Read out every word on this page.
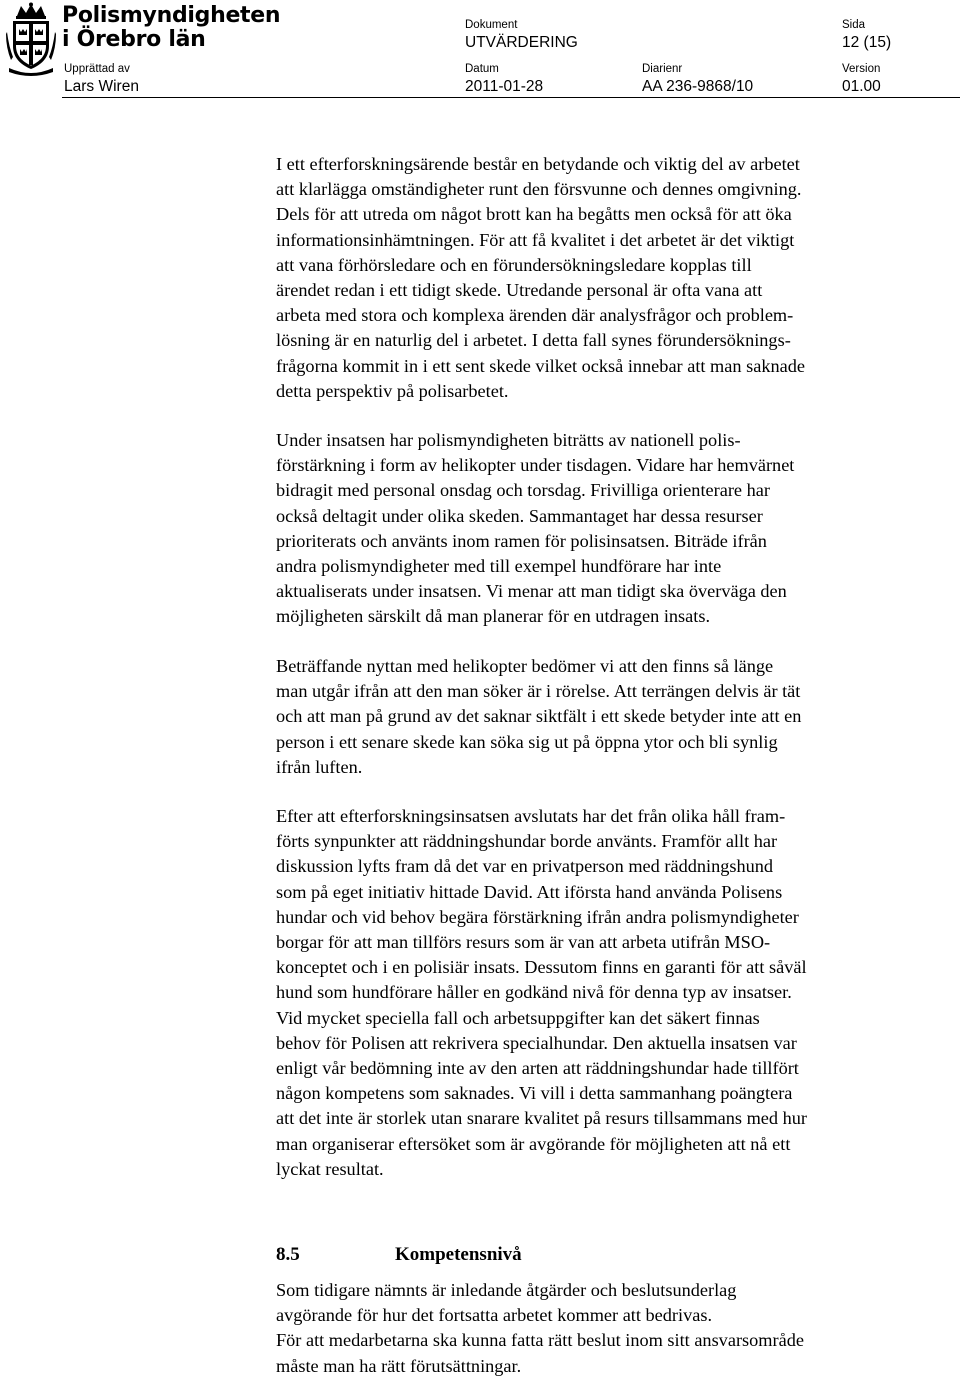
Polismyndigheten
i Örebro län
Dokument
UTVÄRDERING
Sida
12 (15)
Upprättad av
Lars Wiren
Datum
2011-01-28
Diarienr
AA 236-9868/10
Version
01.00

I ett efterforskningsärende består en betydande och viktig del av arbetet

att klarlägga omständigheter runt den försvunne och dennes omgivning.

Dels för att utreda om något brott kan ha begåtts men också för att öka

informationsinhämtningen. För att få kvalitet i det arbetet är det viktigt

att vana förhörsledare och en förundersökningsledare kopplas till

ärendet redan i ett tidigt skede. Utredande personal är ofta vana att

arbeta med stora och komplexa ärenden där analysfrågor och problem-

lösning är en naturlig del i arbetet. I detta fall synes förundersöknings-

frågorna kommit in i ett sent skede vilket också innebar att man saknade

detta perspektiv på polisarbetet.

Under insatsen har polismyndigheten biträtts av nationell polis-

förstärkning i form av helikopter under tisdagen. Vidare har hemvärnet

bidragit med personal onsdag och torsdag. Frivilliga orienterare har

också deltagit under olika skeden. Sammantaget har dessa resurser

prioriterats och använts inom ramen för polisinsatsen. Biträde ifrån

andra polismyndigheter med till exempel hundförare har inte

aktualiserats under insatsen. Vi menar att man tidigt ska överväga den

möjligheten särskilt då man planerar för en utdragen insats.

Beträffande nyttan med helikopter bedömer vi att den finns så länge

man utgår ifrån att den man söker är i rörelse. Att terrängen delvis är tät

och att man på grund av det saknar siktfält i ett skede betyder inte att en

person i ett senare skede kan söka sig ut på öppna ytor och bli synlig

ifrån luften.

Efter att efterforskningsinsatsen avslutats har det från olika håll fram-

förts synpunkter att räddningshundar borde använts. Framför allt har

diskussion lyfts fram då det var en privatperson med räddningshund

som på eget initiativ hittade David. Att iförsta hand använda Polisens

hundar och vid behov begära förstärkning ifrån andra polismyndigheter

borgar för att man tillförs resurs som är van att arbeta utifrån MSO-

konceptet och i en polisiär insats. Dessutom finns en garanti för att såväl

hund som hundförare håller en godkänd nivå för denna typ av insatser.

Vid mycket speciella fall och arbetsuppgifter kan det säkert finnas

behov för Polisen att rekrivera specialhundar. Den aktuella insatsen var

enligt vår bedömning inte av den arten att räddningshundar hade tillfört

någon kompetens som saknades. Vi vill i detta sammanhang poängtera

att det inte är storlek utan snarare kvalitet på resurs tillsammans med hur

man organiserar eftersöket som är avgörande för möjligheten att nå ett

lyckat resultat.

8.5	Kompetensnivå

Som tidigare nämnts är inledande åtgärder och beslutsunderlag

avgörande för hur det fortsatta arbetet kommer att bedrivas.

För att medarbetarna ska kunna fatta rätt beslut inom sitt ansvarsområde

måste man ha rätt förutsättningar.
